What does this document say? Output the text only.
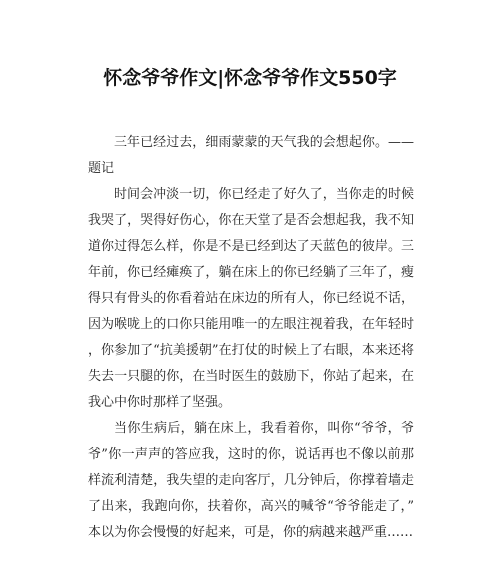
怀念爷爷作文|怀念爷爷作文550字

三年已经过去，细雨蒙蒙的天气我的会想起你。——题记

时间会冲淡一切，你已经走了好久了，当你走的时候我哭了，哭得好伤心，你在天堂了是否会想起我，我不知道你过得怎么样，你是不是已经到达了天蓝色的彼岸。三年前，你已经瘫痪了，躺在床上的你已经躺了三年了，瘦得只有骨头的你看着站在床边的所有人，你已经说不话，因为喉咙上的口你只能用唯一的左眼注视着我，在年轻时，你参加了“抗美援朝”在打仗的时候上了右眼，本来还将失去一只腿的你，在当时医生的鼓励下，你站了起来，在我心中你时那样了坚强。

当你生病后，躺在床上，我看着你，叫你“爷爷，爷爷”你一声声的答应我，这时的你，说话再也不像以前那样流利清楚，我失望的走向客厅，几分钟后，你撑着墙走了出来，我跑向你，扶着你，高兴的喊爷“爷爷能走了，”本以为你会慢慢的好起来，可是，你的病越来越严重……
